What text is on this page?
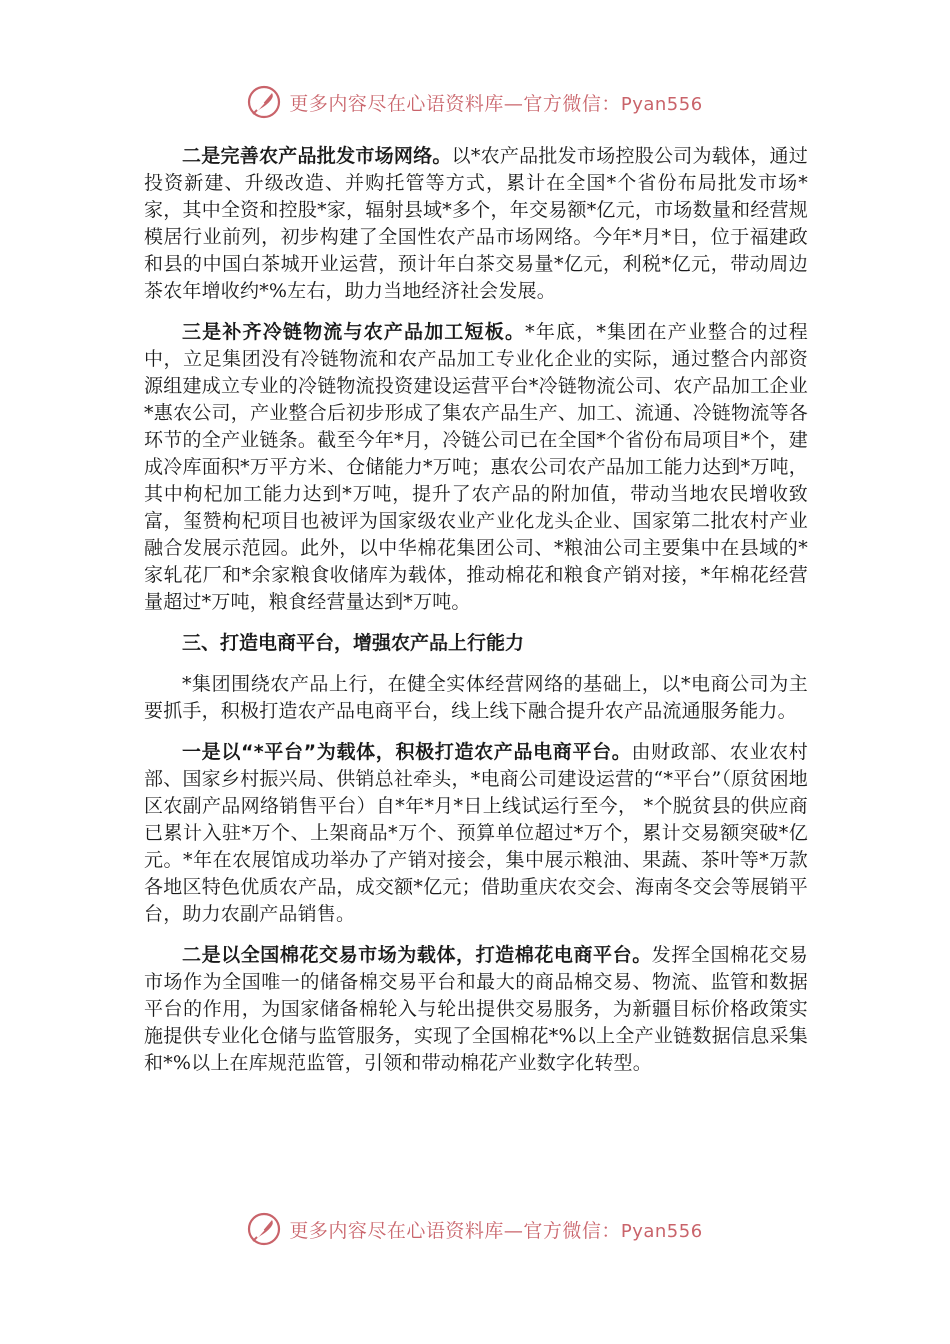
更多内容尽在心语资料库—官方微信：Pyan556

二是完善农产品批发市场网络。以*农产品批发市场控股公司为载体，通过投资新建、升级改造、并购托管等方式，累计在全国*个省份布局批发市场*家，其中全资和控股*家，辐射县域*多个，年交易额*亿元，市场数量和经营规模居行业前列，初步构建了全国性农产品市场网络。今年*月*日，位于福建政和县的中国白茶城开业运营，预计年白茶交易量*亿元，利税*亿元，带动周边茶农年增收约*%左右，助力当地经济社会发展。

三是补齐冷链物流与农产品加工短板。*年底，*集团在产业整合的过程中，立足集团没有冷链物流和农产品加工专业化企业的实际，通过整合内部资源组建成立专业的冷链物流投资建设运营平台*冷链物流公司、农产品加工企业*惠农公司，产业整合后初步形成了集农产品生产、加工、流通、冷链物流等各环节的全产业链条。截至今年*月，冷链公司已在全国*个省份布局项目*个，建成冷库面积*万平方米、仓储能力*万吨；惠农公司农产品加工能力达到*万吨，其中枸杞加工能力达到*万吨，提升了农产品的附加值，带动当地农民增收致富，玺赞枸杞项目也被评为国家级农业产业化龙头企业、国家第二批农村产业融合发展示范园。此外，以中华棉花集团公司、*粮油公司主要集中在县域的*家轧花厂和*余家粮食收储库为载体，推动棉花和粮食产销对接，*年棉花经营量超过*万吨，粮食经营量达到*万吨。

三、打造电商平台，增强农产品上行能力

*集团围绕农产品上行，在健全实体经营网络的基础上，以*电商公司为主要抓手，积极打造农产品电商平台，线上线下融合提升农产品流通服务能力。

一是以“*平台”为载体，积极打造农产品电商平台。由财政部、农业农村部、国家乡村振兴局、供销总社牵头，*电商公司建设运营的“*平台”（原贫困地区农副产品网络销售平台）自*年*月*日上线试运行至今， *个脱贫县的供应商已累计入驻*万个、上架商品*万个、预算单位超过*万个，累计交易额突破*亿元。*年在农展馆成功举办了产销对接会，集中展示粮油、果蔬、茶叶等*万款各地区特色优质农产品，成交额*亿元；借助重庆农交会、海南冬交会等展销平台，助力农副产品销售。

二是以全国棉花交易市场为载体，打造棉花电商平台。发挥全国棉花交易市场作为全国唯一的储备棉交易平台和最大的商品棉交易、物流、监管和数据平台的作用，为国家储备棉轮入与轮出提供交易服务，为新疆目标价格政策实施提供专业化仓储与监管服务，实现了全国棉花*%以上全产业链数据信息采集和*%以上在库规范监管，引领和带动棉花产业数字化转型。

更多内容尽在心语资料库—官方微信：Pyan556
